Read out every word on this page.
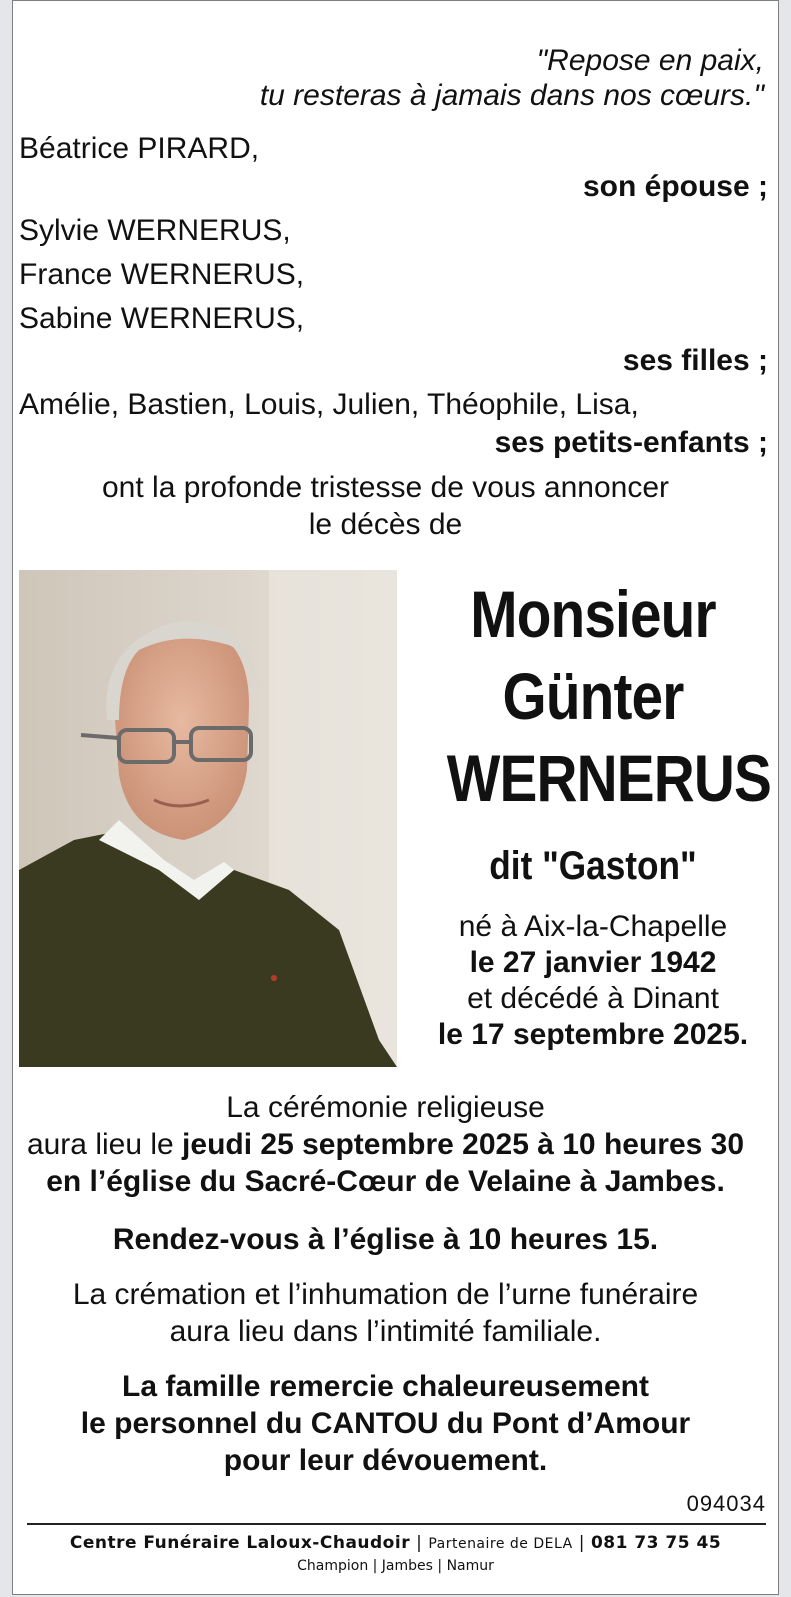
"Repose en paix,
tu resteras à jamais dans nos cœurs."
Béatrice PIRARD,
son épouse ;
Sylvie WERNERUS,
France WERNERUS,
Sabine WERNERUS,
ses filles ;
Amélie, Bastien, Louis, Julien, Théophile, Lisa,
ses petits-enfants ;
ont la profonde tristesse de vous annoncer
le décès de
Monsieur
Günter
WERNERUS
dit "Gaston"
né à Aix-la-Chapelle
le 27 janvier 1942
et décédé à Dinant
le 17 septembre 2025.
La cérémonie religieuse
aura lieu le jeudi 25 septembre 2025 à 10 heures 30
en l’église du Sacré-Cœur de Velaine à Jambes.
Rendez-vous à l’église à 10 heures 15.
La crémation et l’inhumation de l’urne funéraire
aura lieu dans l’intimité familiale.
La famille remercie chaleureusement
le personnel du CANTOU du Pont d’Amour
pour leur dévouement.
094034
Centre Funéraire Laloux-Chaudoir | Partenaire de DELA | 081 73 75 45
Champion | Jambes | Namur
